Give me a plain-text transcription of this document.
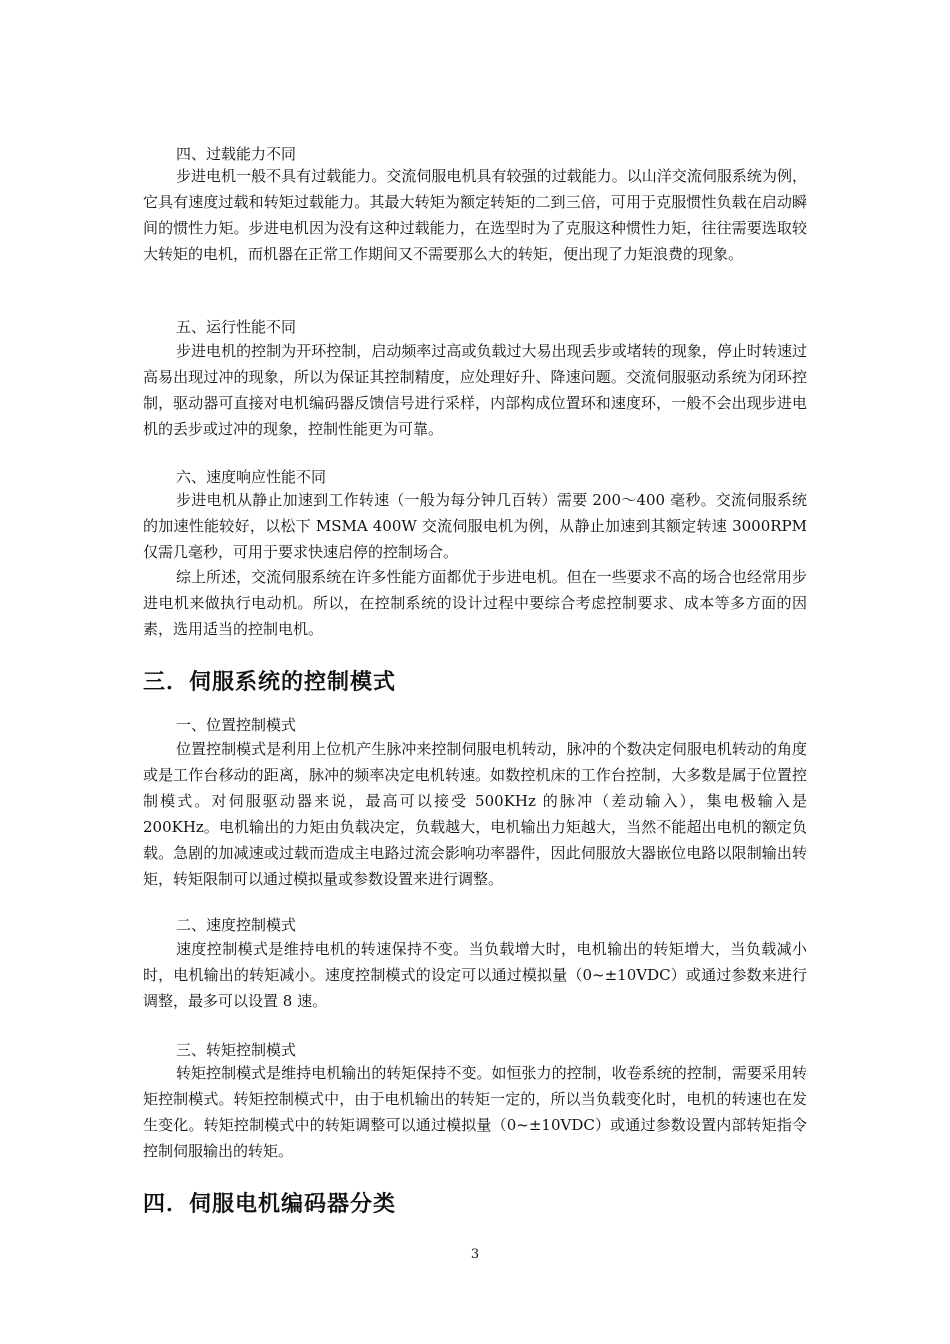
四、过载能力不同

步进电机一般不具有过载能力。交流伺服电机具有较强的过载能力。以山洋交流伺服系统为例，它具有速度过载和转矩过载能力。其最大转矩为额定转矩的二到三倍，可用于克服惯性负载在启动瞬间的惯性力矩。步进电机因为没有这种过载能力，在选型时为了克服这种惯性力矩，往往需要选取较大转矩的电机，而机器在正常工作期间又不需要那么大的转矩，便出现了力矩浪费的现象。

五、运行性能不同

步进电机的控制为开环控制，启动频率过高或负载过大易出现丢步或堵转的现象，停止时转速过高易出现过冲的现象，所以为保证其控制精度，应处理好升、降速问题。交流伺服驱动系统为闭环控制，驱动器可直接对电机编码器反馈信号进行采样，内部构成位置环和速度环，一般不会出现步进电机的丢步或过冲的现象，控制性能更为可靠。

六、速度响应性能不同

步进电机从静止加速到工作转速（一般为每分钟几百转）需要 200～400 毫秒。交流伺服系统的加速性能较好，以松下 MSMA 400W 交流伺服电机为例，从静止加速到其额定转速 3000RPM 仅需几毫秒，可用于要求快速启停的控制场合。

综上所述，交流伺服系统在许多性能方面都优于步进电机。但在一些要求不高的场合也经常用步进电机来做执行电动机。所以，在控制系统的设计过程中要综合考虑控制要求、成本等多方面的因素，选用适当的控制电机。

三．伺服系统的控制模式

一、位置控制模式

位置控制模式是利用上位机产生脉冲来控制伺服电机转动，脉冲的个数决定伺服电机转动的角度或是工作台移动的距离，脉冲的频率决定电机转速。如数控机床的工作台控制，大多数是属于位置控制模式。对伺服驱动器来说，最高可以接受 500KHz 的脉冲（差动输入），集电极输入是 200KHz。电机输出的力矩由负载决定，负载越大，电机输出力矩越大，当然不能超出电机的额定负载。急剧的加减速或过载而造成主电路过流会影响功率器件，因此伺服放大器嵌位电路以限制输出转矩，转矩限制可以通过模拟量或参数设置来进行调整。

二、速度控制模式

速度控制模式是维持电机的转速保持不变。当负载增大时，电机输出的转矩增大，当负载减小时，电机输出的转矩减小。速度控制模式的设定可以通过模拟量（0~±10VDC）或通过参数来进行调整，最多可以设置 8 速。

三、转矩控制模式

转矩控制模式是维持电机输出的转矩保持不变。如恒张力的控制，收卷系统的控制，需要采用转矩控制模式。转矩控制模式中，由于电机输出的转矩一定的，所以当负载变化时，电机的转速也在发生变化。转矩控制模式中的转矩调整可以通过模拟量（0~±10VDC）或通过参数设置内部转矩指令控制伺服输出的转矩。

四．伺服电机编码器分类
3
